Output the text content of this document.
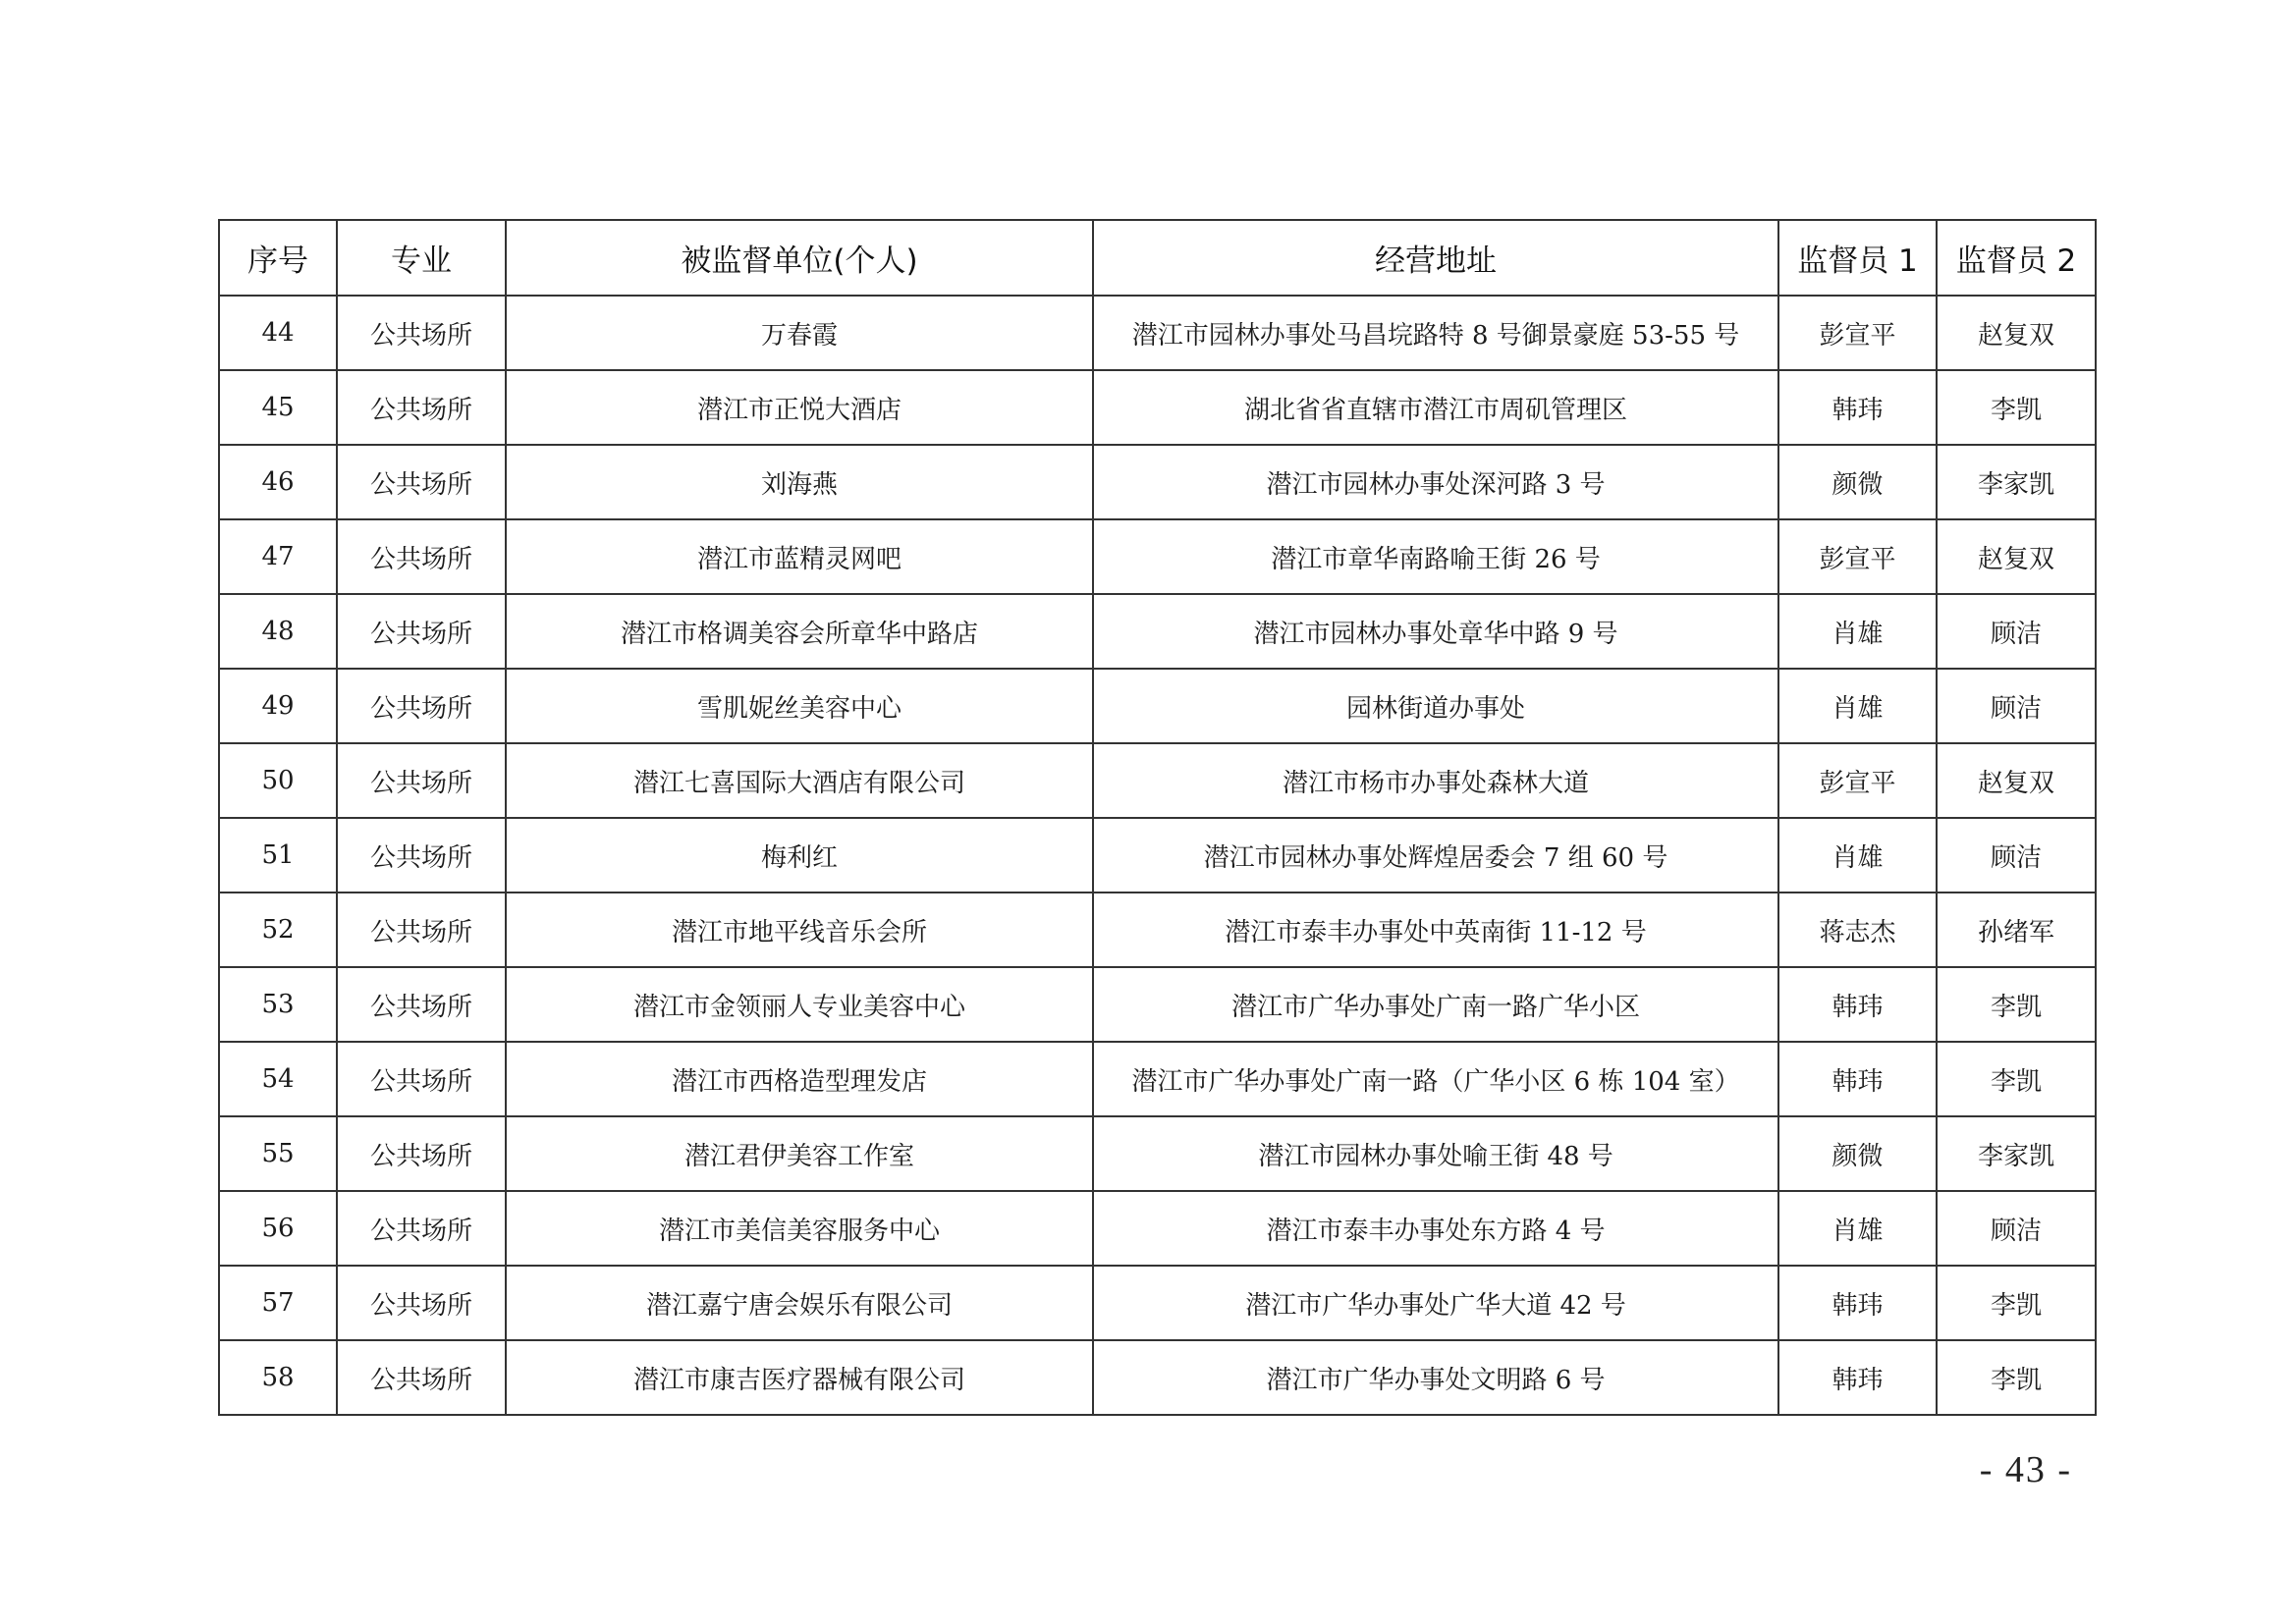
序号	专业	被监督单位(个人)	经营地址	监督员 1	监督员 2
44	公共场所	万春霞	潜江市园林办事处马昌垸路特 8 号御景豪庭 53-55 号	彭宣平	赵复双
45	公共场所	潜江市正悦大酒店	湖北省省直辖市潜江市周矶管理区	韩玮	李凯
46	公共场所	刘海燕	潜江市园林办事处深河路 3 号	颜微	李家凯
47	公共场所	潜江市蓝精灵网吧	潜江市章华南路喻王街 26 号	彭宣平	赵复双
48	公共场所	潜江市格调美容会所章华中路店	潜江市园林办事处章华中路 9 号	肖雄	顾洁
49	公共场所	雪肌妮丝美容中心	园林街道办事处	肖雄	顾洁
50	公共场所	潜江七喜国际大酒店有限公司	潜江市杨市办事处森林大道	彭宣平	赵复双
51	公共场所	梅利红	潜江市园林办事处辉煌居委会 7 组 60 号	肖雄	顾洁
52	公共场所	潜江市地平线音乐会所	潜江市泰丰办事处中英南街 11-12 号	蒋志杰	孙绪军
53	公共场所	潜江市金领丽人专业美容中心	潜江市广华办事处广南一路广华小区	韩玮	李凯
54	公共场所	潜江市西格造型理发店	潜江市广华办事处广南一路（广华小区 6 栋 104 室）	韩玮	李凯
55	公共场所	潜江君伊美容工作室	潜江市园林办事处喻王街 48 号	颜微	李家凯
56	公共场所	潜江市美信美容服务中心	潜江市泰丰办事处东方路 4 号	肖雄	顾洁
57	公共场所	潜江嘉宁唐会娱乐有限公司	潜江市广华办事处广华大道 42 号	韩玮	李凯
58	公共场所	潜江市康吉医疗器械有限公司	潜江市广华办事处文明路 6 号	韩玮	李凯
- 43 -
